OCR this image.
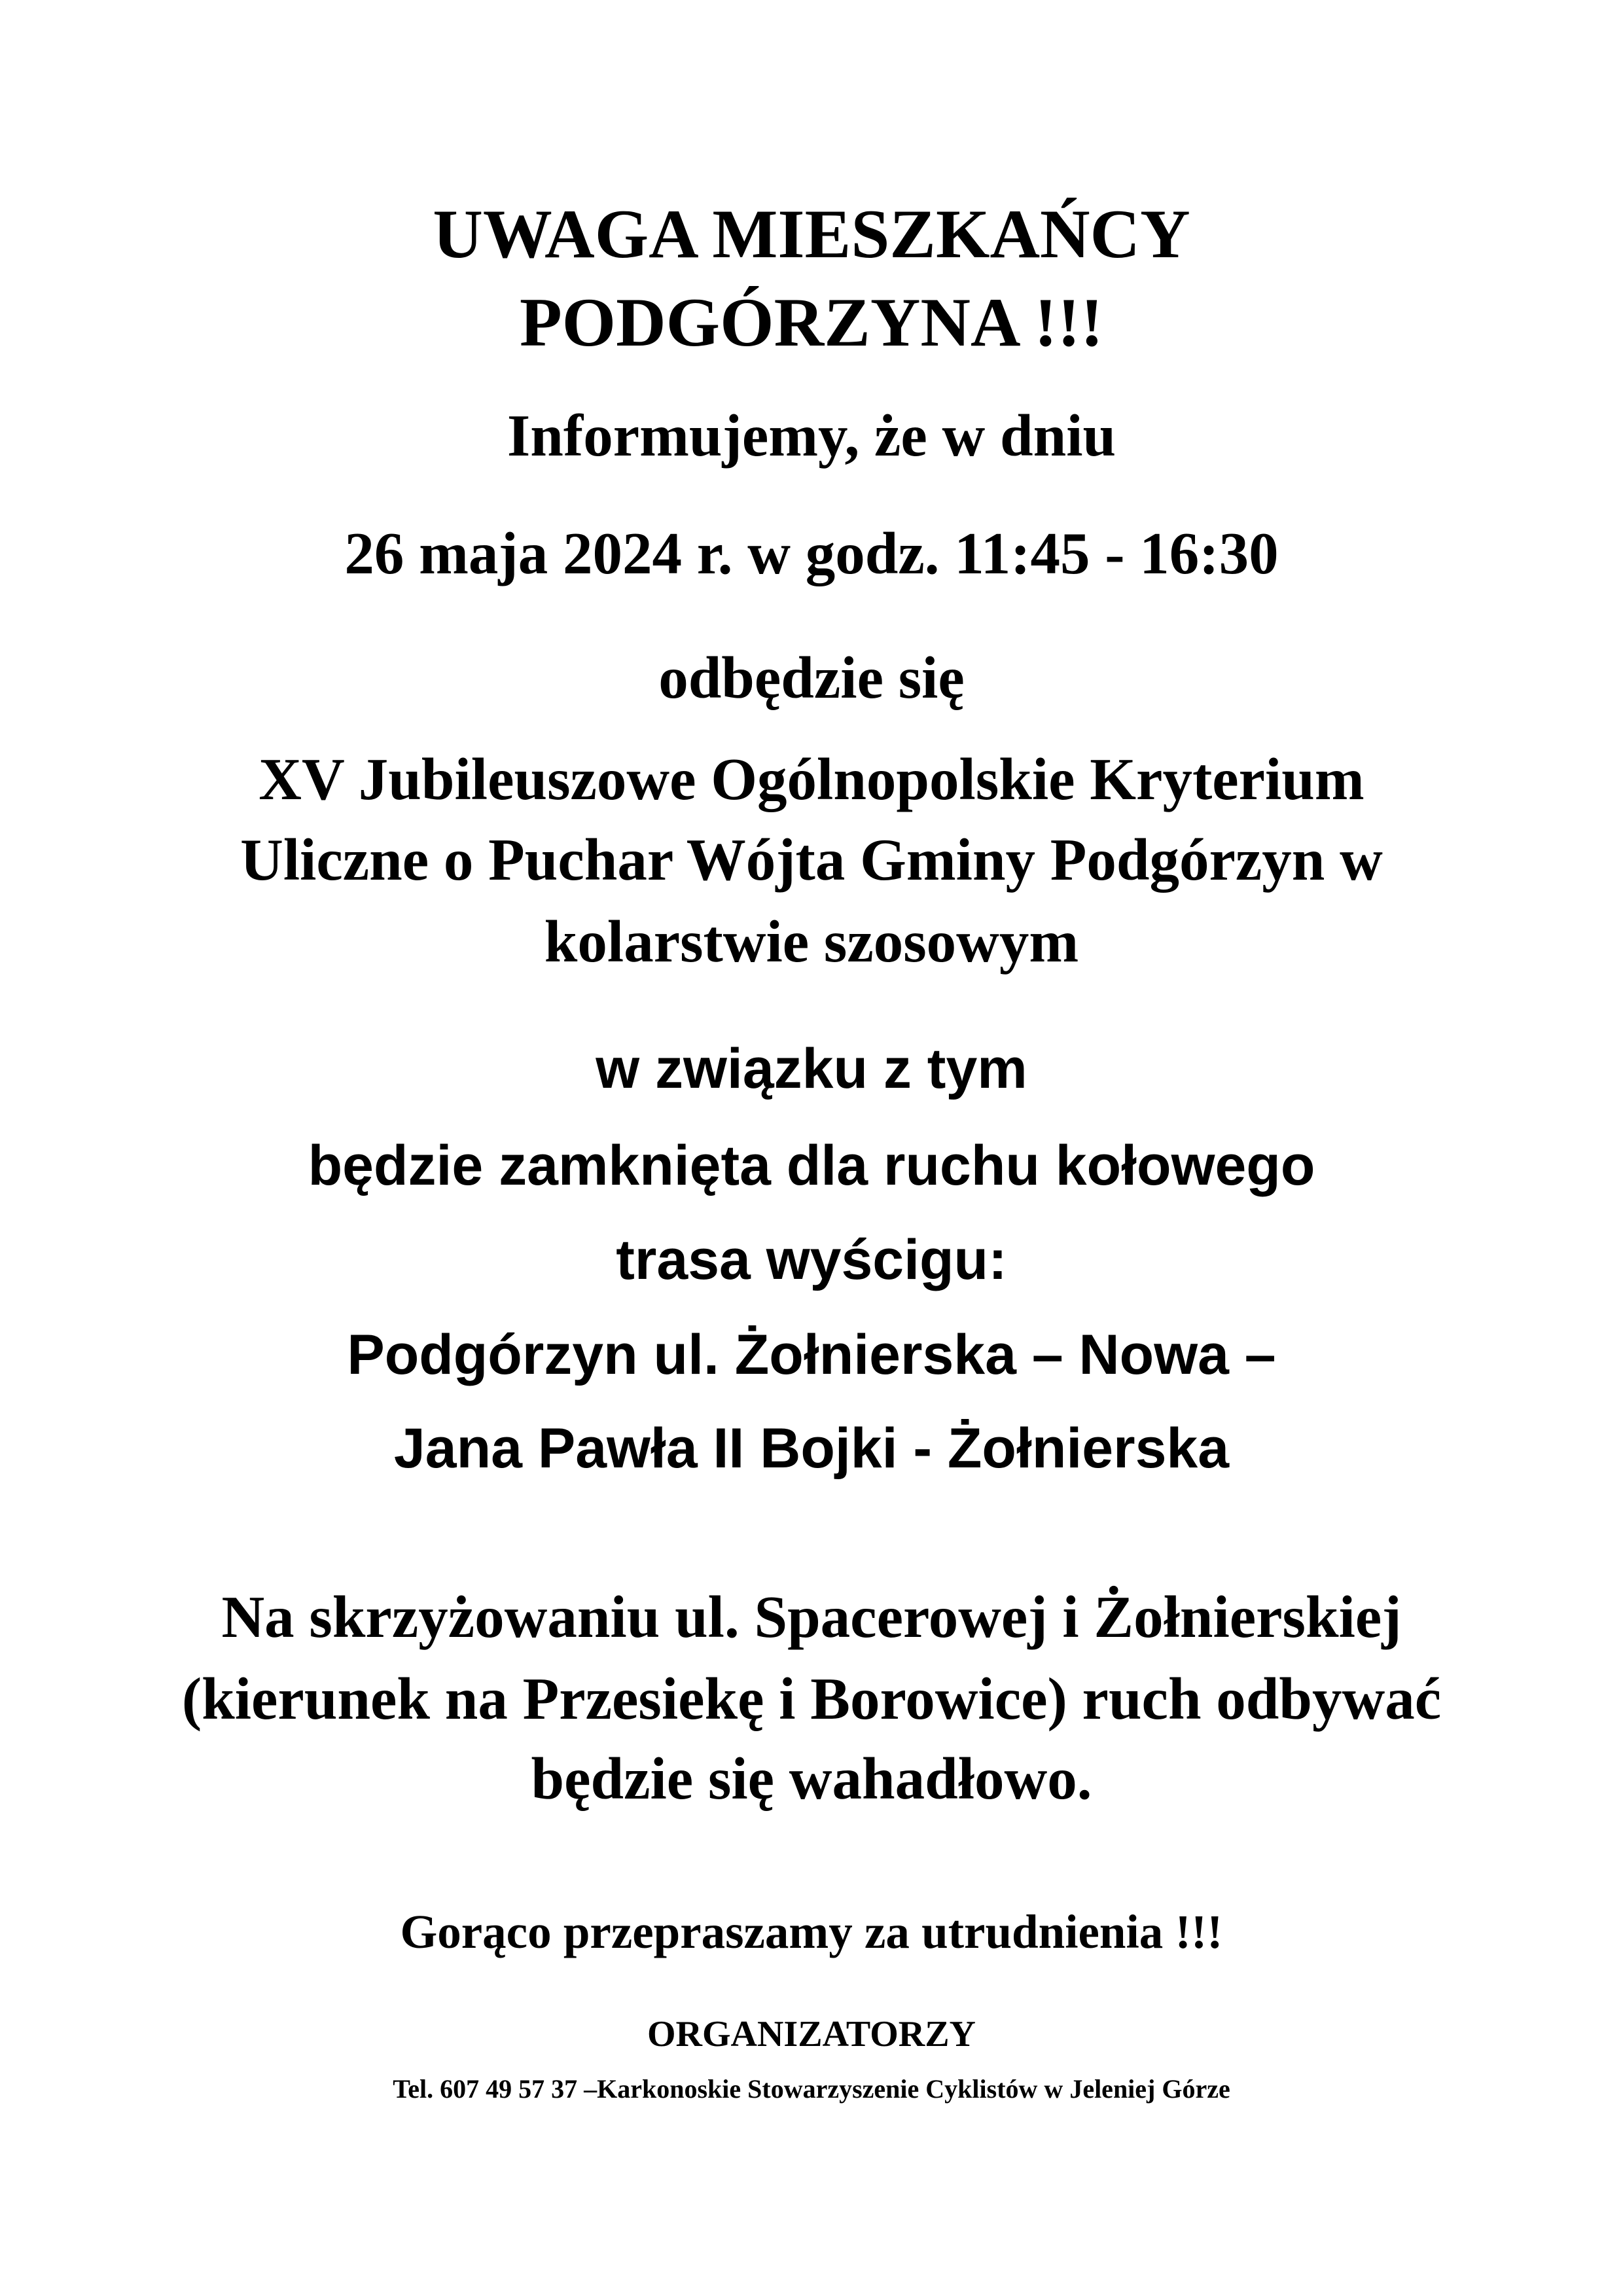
UWAGA MIESZKAŃCY
PODGÓRZYNA !!!
Informujemy, że w dniu
26 maja 2024 r. w godz. 11:45 - 16:30
odbędzie się
XV Jubileuszowe Ogólnopolskie Kryterium
Uliczne o Puchar Wójta Gminy Podgórzyn w
kolarstwie szosowym
w związku z tym
będzie zamknięta dla ruchu kołowego
trasa wyścigu:
Podgórzyn ul. Żołnierska – Nowa –
Jana Pawła II Bojki - Żołnierska
Na skrzyżowaniu ul. Spacerowej i Żołnierskiej
(kierunek na Przesiekę i Borowice) ruch odbywać
będzie się wahadłowo.
Gorąco przepraszamy za utrudnienia !!!
ORGANIZATORZY
Tel. 607 49 57 37 –Karkonoskie Stowarzyszenie Cyklistów w Jeleniej Górze
